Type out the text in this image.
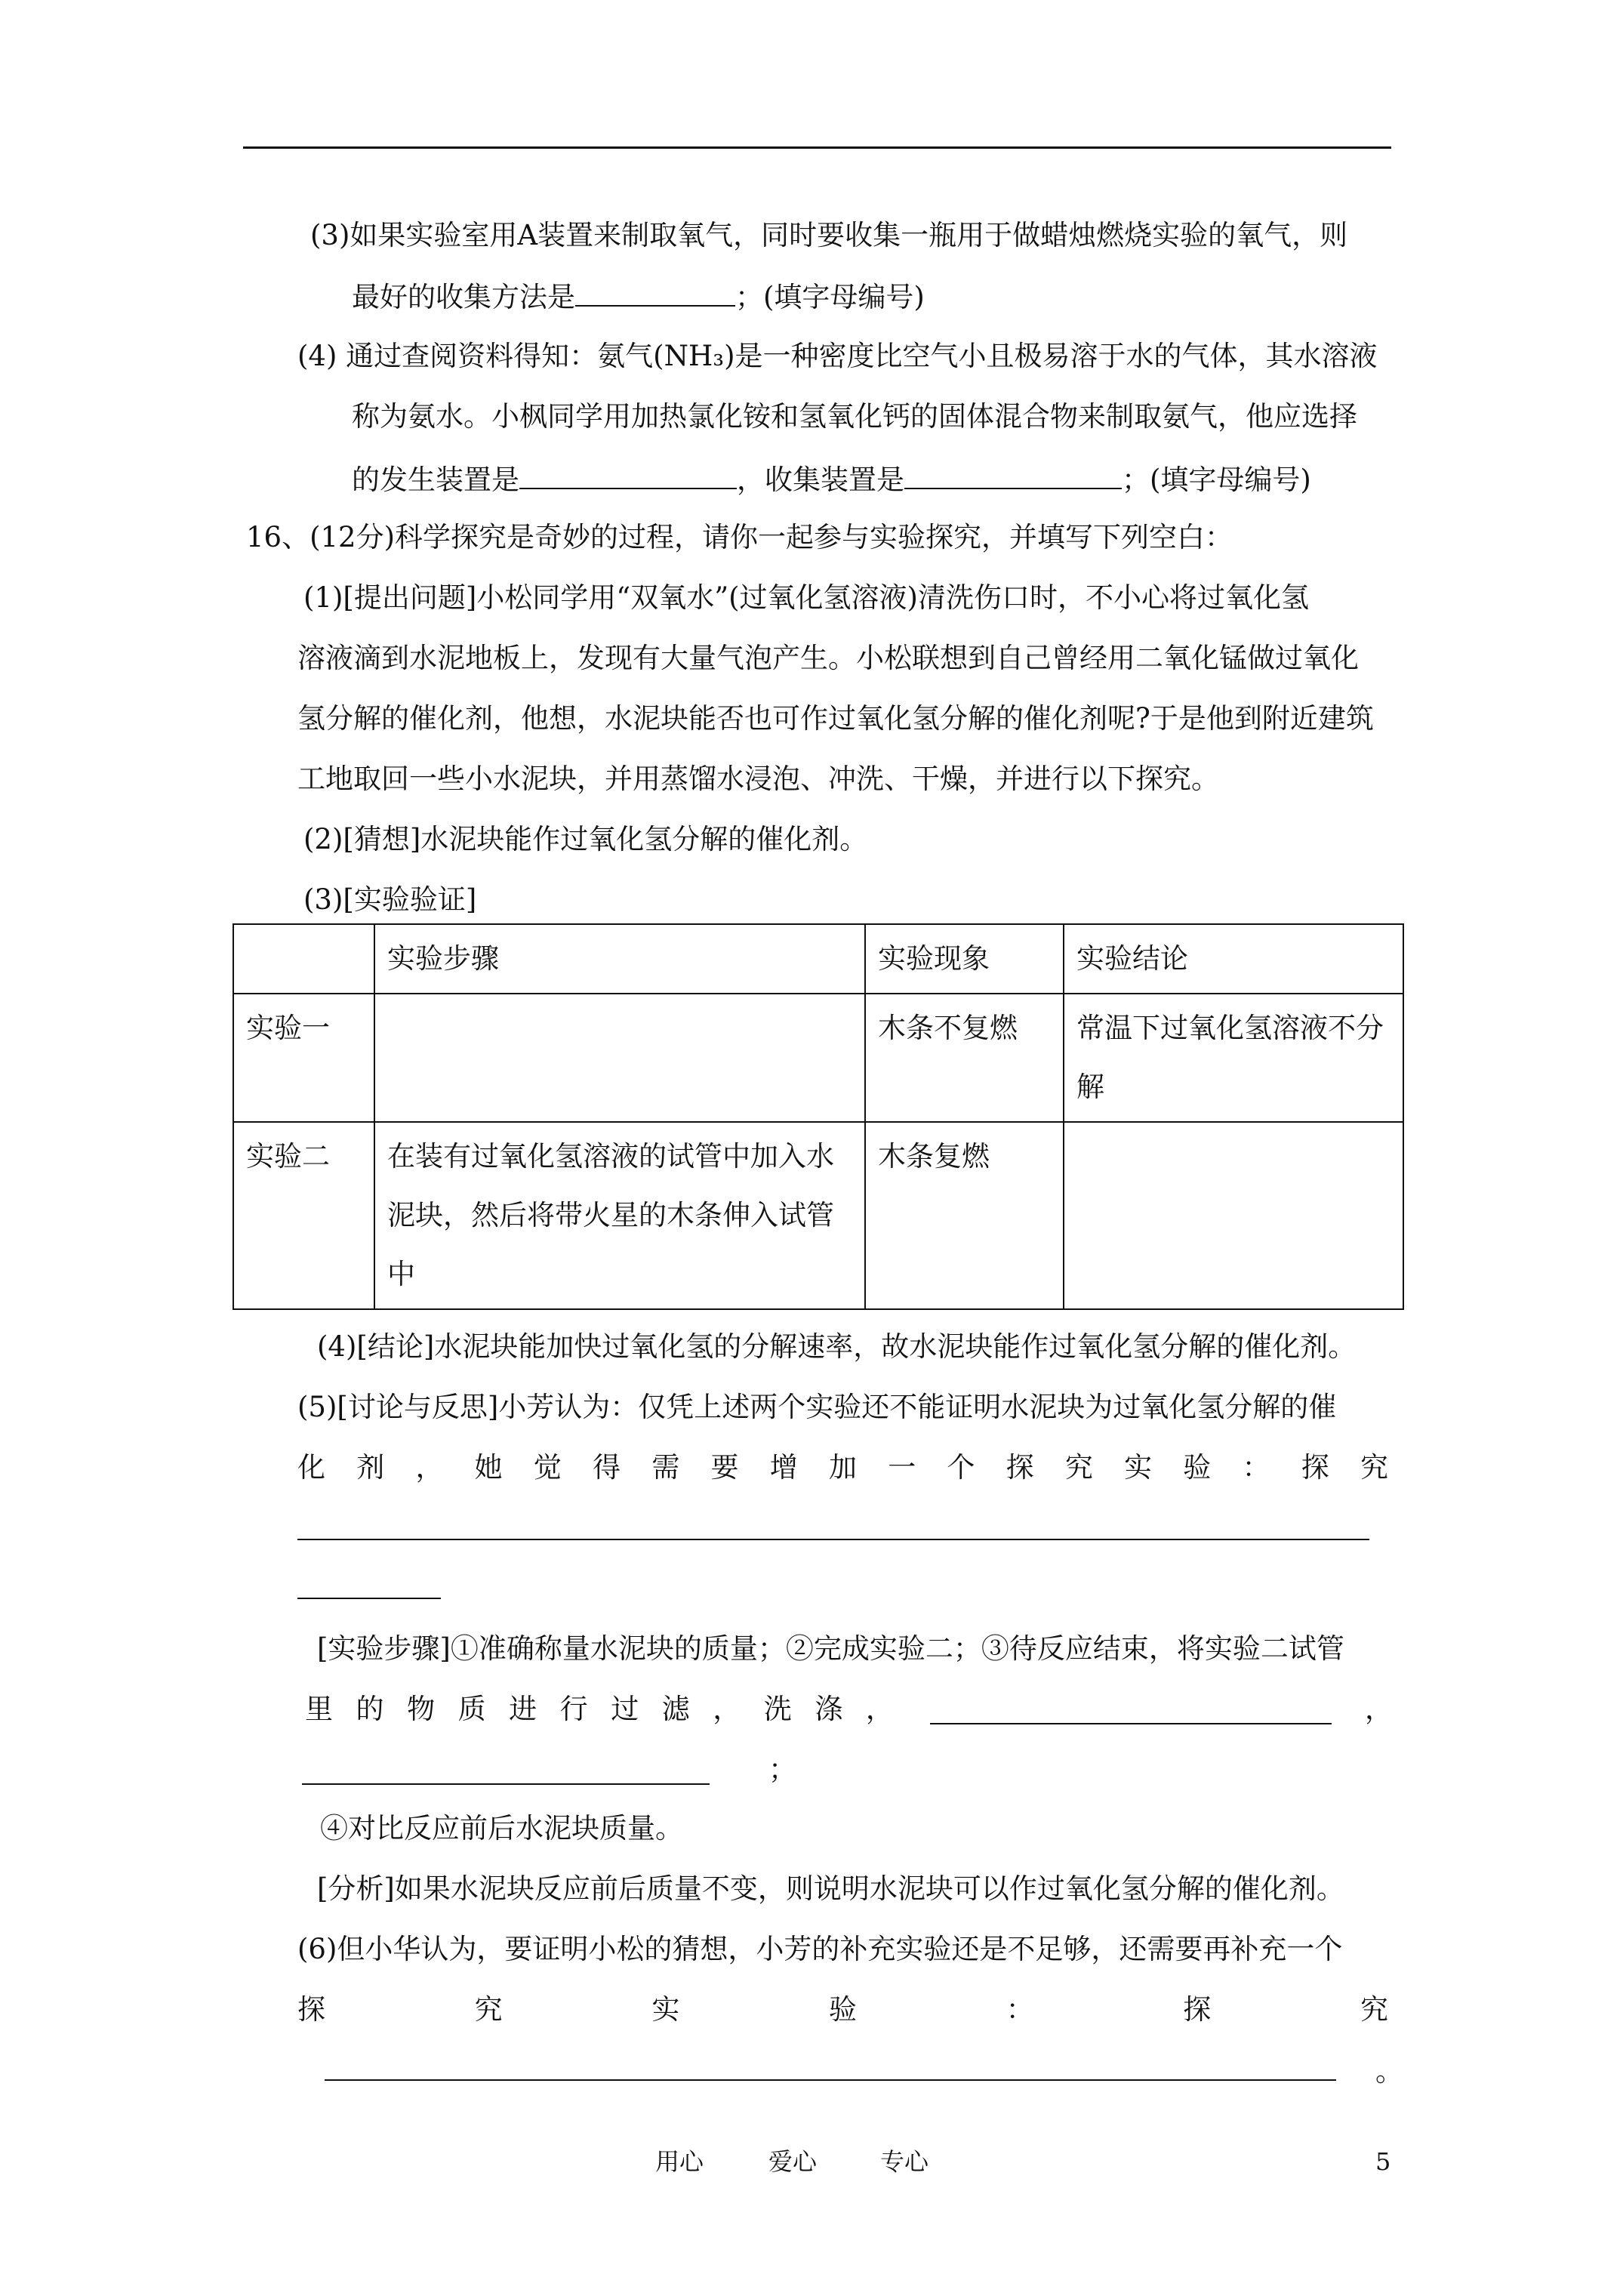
(3)如果实验室用A装置来制取氧气，同时要收集一瓶用于做蜡烛燃烧实验的氧气，则
最好的收集方法是	；(填字母编号)
(4) 通过查阅资料得知：氨气(NH₃)是一种密度比空气小且极易溶于水的气体，其水溶液
称为氨水。小枫同学用加热氯化铵和氢氧化钙的固体混合物来制取氨气，他应选择
的发生装置是	，收集装置是	；(填字母编号)
16、(12分)科学探究是奇妙的过程，请你一起参与实验探究，并填写下列空白：
(1)[提出问题]小松同学用“双氧水”(过氧化氢溶液)清洗伤口时，不小心将过氧化氢
溶液滴到水泥地板上，发现有大量气泡产生。小松联想到自己曾经用二氧化锰做过氧化
氢分解的催化剂，他想，水泥块能否也可作过氧化氢分解的催化剂呢?于是他到附近建筑
工地取回一些小水泥块，并用蒸馏水浸泡、冲洗、干燥，并进行以下探究。
(2)[猜想]水泥块能作过氧化氢分解的催化剂。
(3)[实验验证]
	实验步骤	实验现象	实验结论
实验一		木条不复燃	常温下过氧化氢溶液不分解
实验二	在装有过氧化氢溶液的试管中加入水泥块，然后将带火星的木条伸入试管中	木条复燃	
(4)[结论]水泥块能加快过氧化氢的分解速率，故水泥块能作过氧化氢分解的催化剂。
(5)[讨论与反思]小芳认为：仅凭上述两个实验还不能证明水泥块为过氧化氢分解的催
化 剂 ， 她 觉 得 需 要 增 加 一 个 探 究 实 验 ： 探 究
[实验步骤]①准确称量水泥块的质量；②完成实验二；③待反应结束，将实验二试管
里 的 物 质 进 行 过 滤 ， 洗 涤 ，	，
；
④对比反应前后水泥块质量。
[分析]如果水泥块反应前后质量不变，则说明水泥块可以作过氧化氢分解的催化剂。
(6)但小华认为，要证明小松的猜想，小芳的补充实验还是不足够，还需要再补充一个
探	究	实	验	：	探	究
。
用心	爱心	专心	5
